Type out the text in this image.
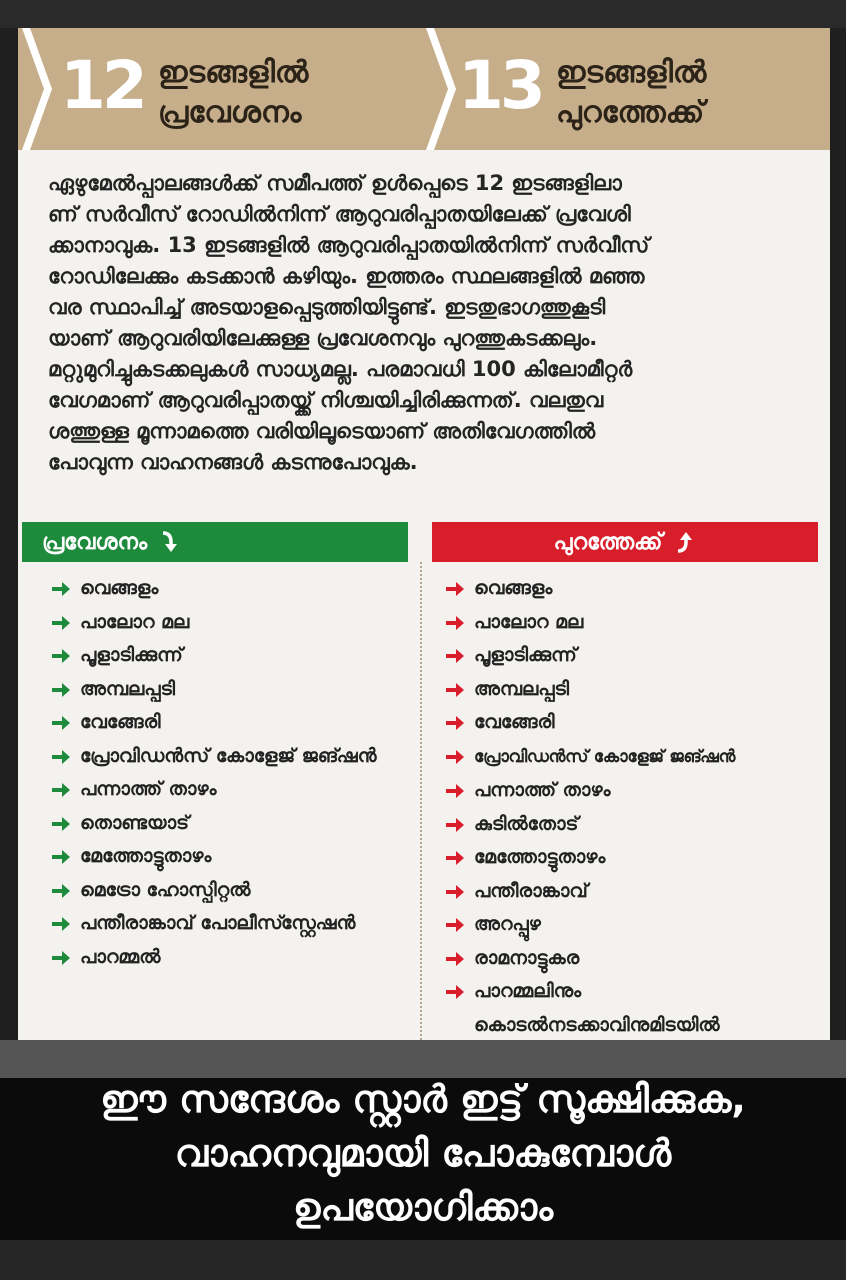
12 ഇടങ്ങളിൽ
പ്രവേശനം 13 ഇടങ്ങളിൽ
പുറത്തേക്ക്
ഏഴുമേൽപ്പാലങ്ങൾക്ക് സമീപത്ത് ഉൾപ്പെടെ 12 ഇടങ്ങളിലാ
ണ് സർവീസ് റോഡിൽനിന്ന് ആറുവരിപ്പാതയിലേക്ക് പ്രവേശി
ക്കാനാവുക. 13 ഇടങ്ങളിൽ ആറുവരിപ്പാതയിൽനിന്ന് സർവീസ്
റോഡിലേക്കും കടക്കാൻ കഴിയും. ഇത്തരം സ്ഥലങ്ങളിൽ മഞ്ഞ
വര സ്ഥാപിച്ച് അടയാളപ്പെടുത്തിയിട്ടുണ്ട്. ഇടതുഭാഗത്തുകൂടി
യാണ് ആറുവരിയിലേക്കുള്ള പ്രവേശനവും പുറത്തുകടക്കലും.
മറ്റുമുറിച്ചുകടക്കലുകൾ സാധ്യമല്ല. പരമാവധി 100 കിലോമീറ്റർ
വേഗമാണ് ആറുവരിപ്പാതയ്ക്ക് നിശ്ചയിച്ചിരിക്കുന്നത്. വലതുവ
ശത്തുള്ള മൂന്നാമത്തെ വരിയിലൂടെയാണ് അതിവേഗത്തിൽ
പോവുന്ന വാഹനങ്ങൾ കടന്നുപോവുക.
പ്രവേശനം	പുറത്തേക്ക്
വെങ്ങളം
പാലോറ മല
പൂളാടിക്കുന്ന്
അമ്പലപ്പടി
വേങ്ങേരി
പ്രോവിഡൻസ് കോളേജ് ജങ്ഷൻ
പന്നാത്ത് താഴം
തൊണ്ടയാട്
മേത്തോട്ടുതാഴം
മെട്രോ ഹോസ്പിറ്റൽ
പന്തീരാങ്കാവ് പോലീസ്സ്റ്റേഷൻ
പാറമ്മൽ
വെങ്ങളം
പാലോറ മല
പൂളാടിക്കുന്ന്
അമ്പലപ്പടി
വേങ്ങേരി
പ്രോവിഡൻസ് കോളേജ് ജങ്ഷൻ
പന്നാത്ത് താഴം
കുടിൽതോട്
മേത്തോട്ടുതാഴം
പന്തീരാങ്കാവ്
അറപ്പുഴ
രാമനാട്ടുകര
പാറമ്മലിനും കൊടൽനടക്കാവിനുമിടയിൽ
ഈ സന്ദേശം സ്റ്റാർ ഇട്ട് സൂക്ഷിക്കുക,
വാഹനവുമായി പോകുമ്പോൾ
ഉപയോഗിക്കാം
